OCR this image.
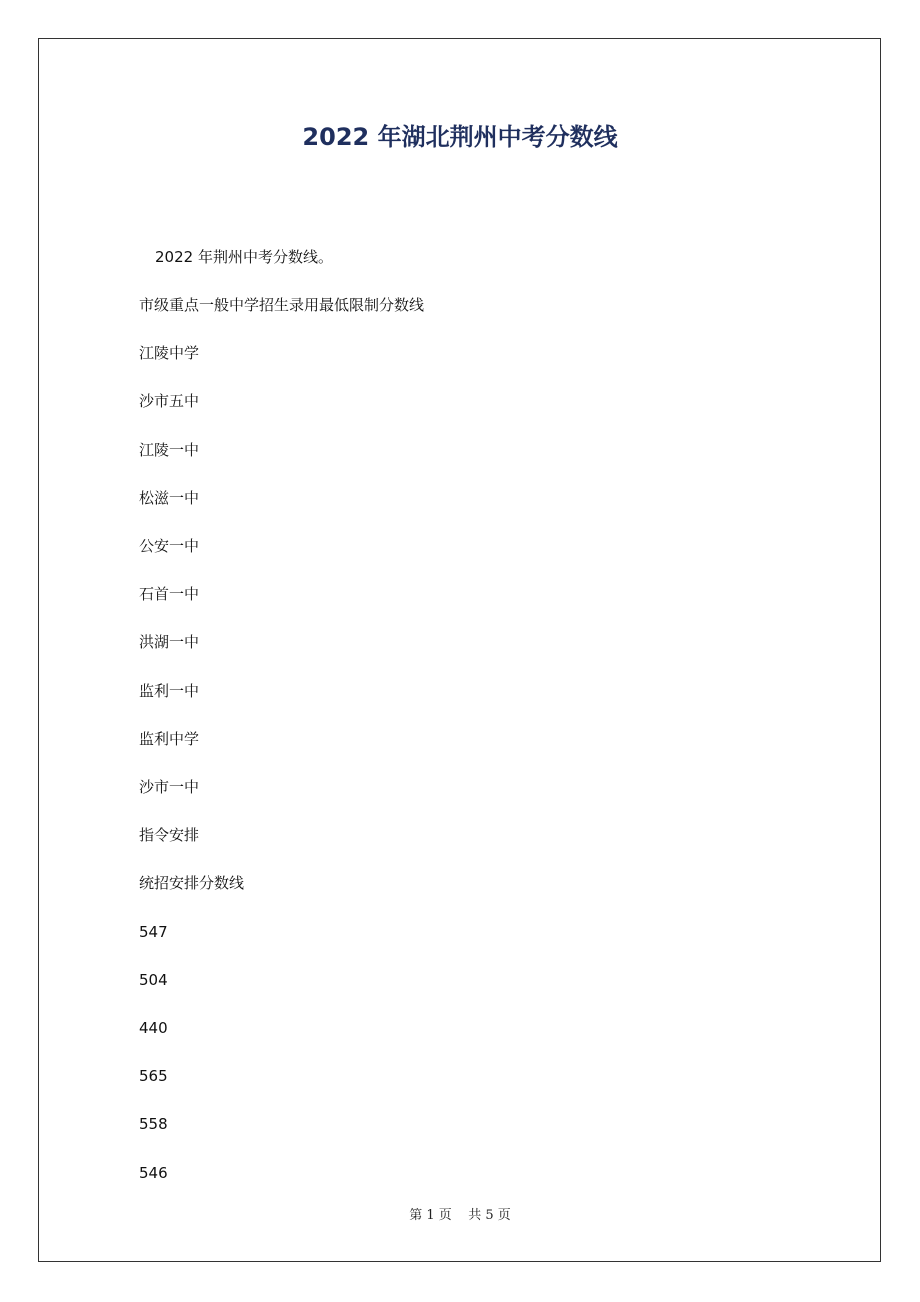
2022 年湖北荆州中考分数线
2022 年荆州中考分数线。
市级重点一般中学招生录用最低限制分数线
江陵中学
沙市五中
江陵一中
松滋一中
公安一中
石首一中
洪湖一中
监利一中
监利中学
沙市一中
指令安排
统招安排分数线
547
504
440
565
558
546
第 1 页 共 5 页
